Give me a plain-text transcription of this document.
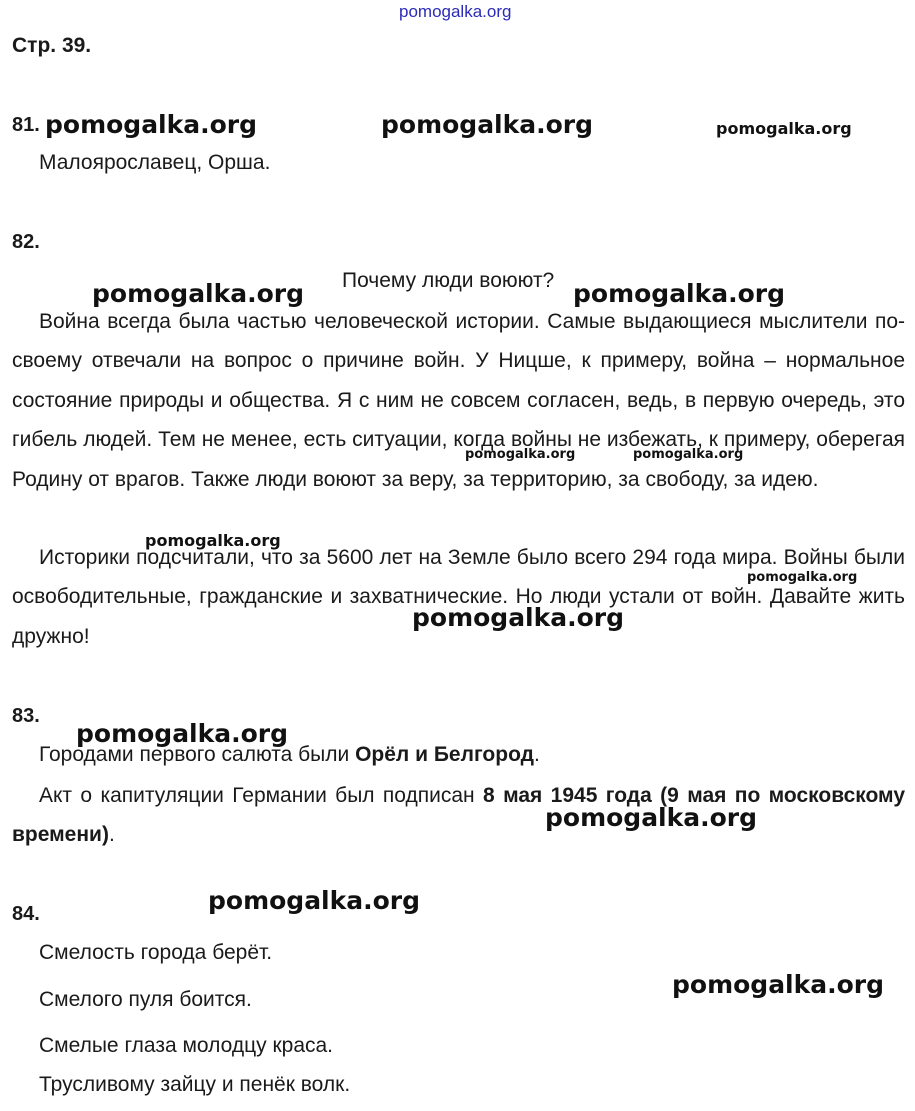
pomogalka.org
Стр. 39.
81.
Малоярославец, Орша.
82.
Почему люди воюют?
Война всегда была частью человеческой истории. Самые выдающиеся мыслители по-своему отвечали на вопрос о причине войн. У Ницше, к примеру, война – нормальное состояние природы и общества. Я с ним не совсем согласен, ведь, в первую очередь, это гибель людей. Тем не менее, есть ситуации, когда войны не избежать, к примеру, оберегая Родину от врагов. Также люди воюют за веру, за территорию, за свободу, за идею.
Историки подсчитали, что за 5600 лет на Земле было всего 294 года мира. Войны были освободительные, гражданские и захватнические. Но люди устали от войн. Давайте жить дружно!
83.
Городами первого салюта были Орёл и Белгород.
Акт о капитуляции Германии был подписан 8 мая 1945 года (9 мая по московскому времени).
84.
Смелость города берёт.
Смелого пуля боится.
Смелые глаза молодцу краса.
Трусливому зайцу и пенёк волк.
pomogalka.org	pomogalka.org	pomogalka.org
pomogalka.org	pomogalka.org
pomogalka.org	pomogalka.org
pomogalka.org
pomogalka.org
pomogalka.org
pomogalka.org
pomogalka.org
pomogalka.org
pomogalka.org
